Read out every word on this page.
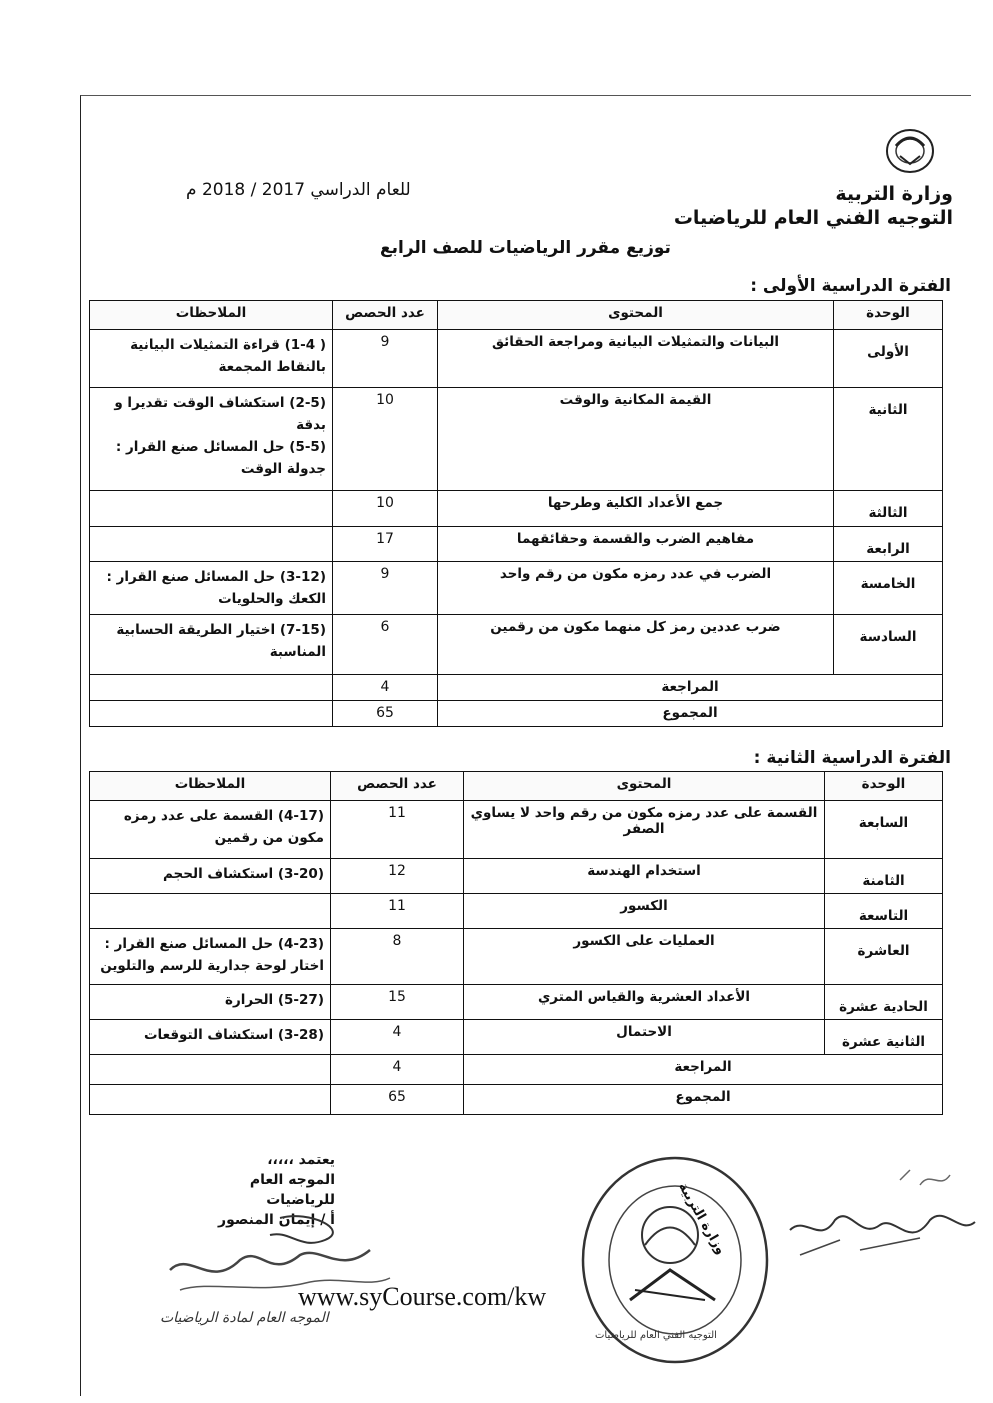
وزارة التربية
التوجيه الفني العام للرياضيات
للعام الدراسي 2017 / 2018 م
توزيع مقرر الرياضيات للصف الرابع
الفترة الدراسية الأولى :
الوحدة	المحتوى	عدد الحصص	الملاحظات
الأولى	البيانات والتمثيلات البيانية ومراجعة الحقائق	9	( 1-4) قراءة التمثيلات البيانية بالنقاط المجمعة
الثانية	القيمة المكانية والوقت	10	(2-5) استكشاف الوقت تقديرا و بدقة
(5-5) حل المسائل صنع القرار : جدولة الوقت
الثالثة	جمع الأعداد الكلية وطرحها	10	
الرابعة	مفاهيم الضرب والقسمة وحقائقهما	17	
الخامسة	الضرب في عدد رمزه مكون من رقم واحد	9	(3-12) حل المسائل صنع القرار : الكعك والحلويات
السادسة	ضرب عددين رمز كل منهما مكون من رقمين	6	(7-15) اختيار الطريقة الحسابية المناسبة
المراجعة		4	
المجموع		65	
الفترة الدراسية الثانية :
الوحدة	المحتوى	عدد الحصص	الملاحظات
السابعة	القسمة على عدد رمزه مكون من رقم واحد لا يساوي الصفر	11	(4-17) القسمة على عدد رمزه مكون من رقمين
الثامنة	استخدام الهندسة	12	(3-20) استكشاف الحجم
التاسعة	الكسور	11	
العاشرة	العمليات على الكسور	8	(4-23) حل المسائل صنع القرار : اختار لوحة جدارية للرسم والتلوين
الحادية عشرة	الأعداد العشرية والقياس المتري	15	(5-27) الحرارة
الثانية عشرة	الاحتمال	4	(3-28) استكشاف التوقعات
المراجعة		4	
المجموع		65	
يعتمد ،،،،،
الموجه العام للرياضيات
أ / إيمان المنصور
الموجه العام لمادة الرياضيات
وزارة التربية
التوجيه الفني العام للرياضيات
www.syCourse.com/kw
